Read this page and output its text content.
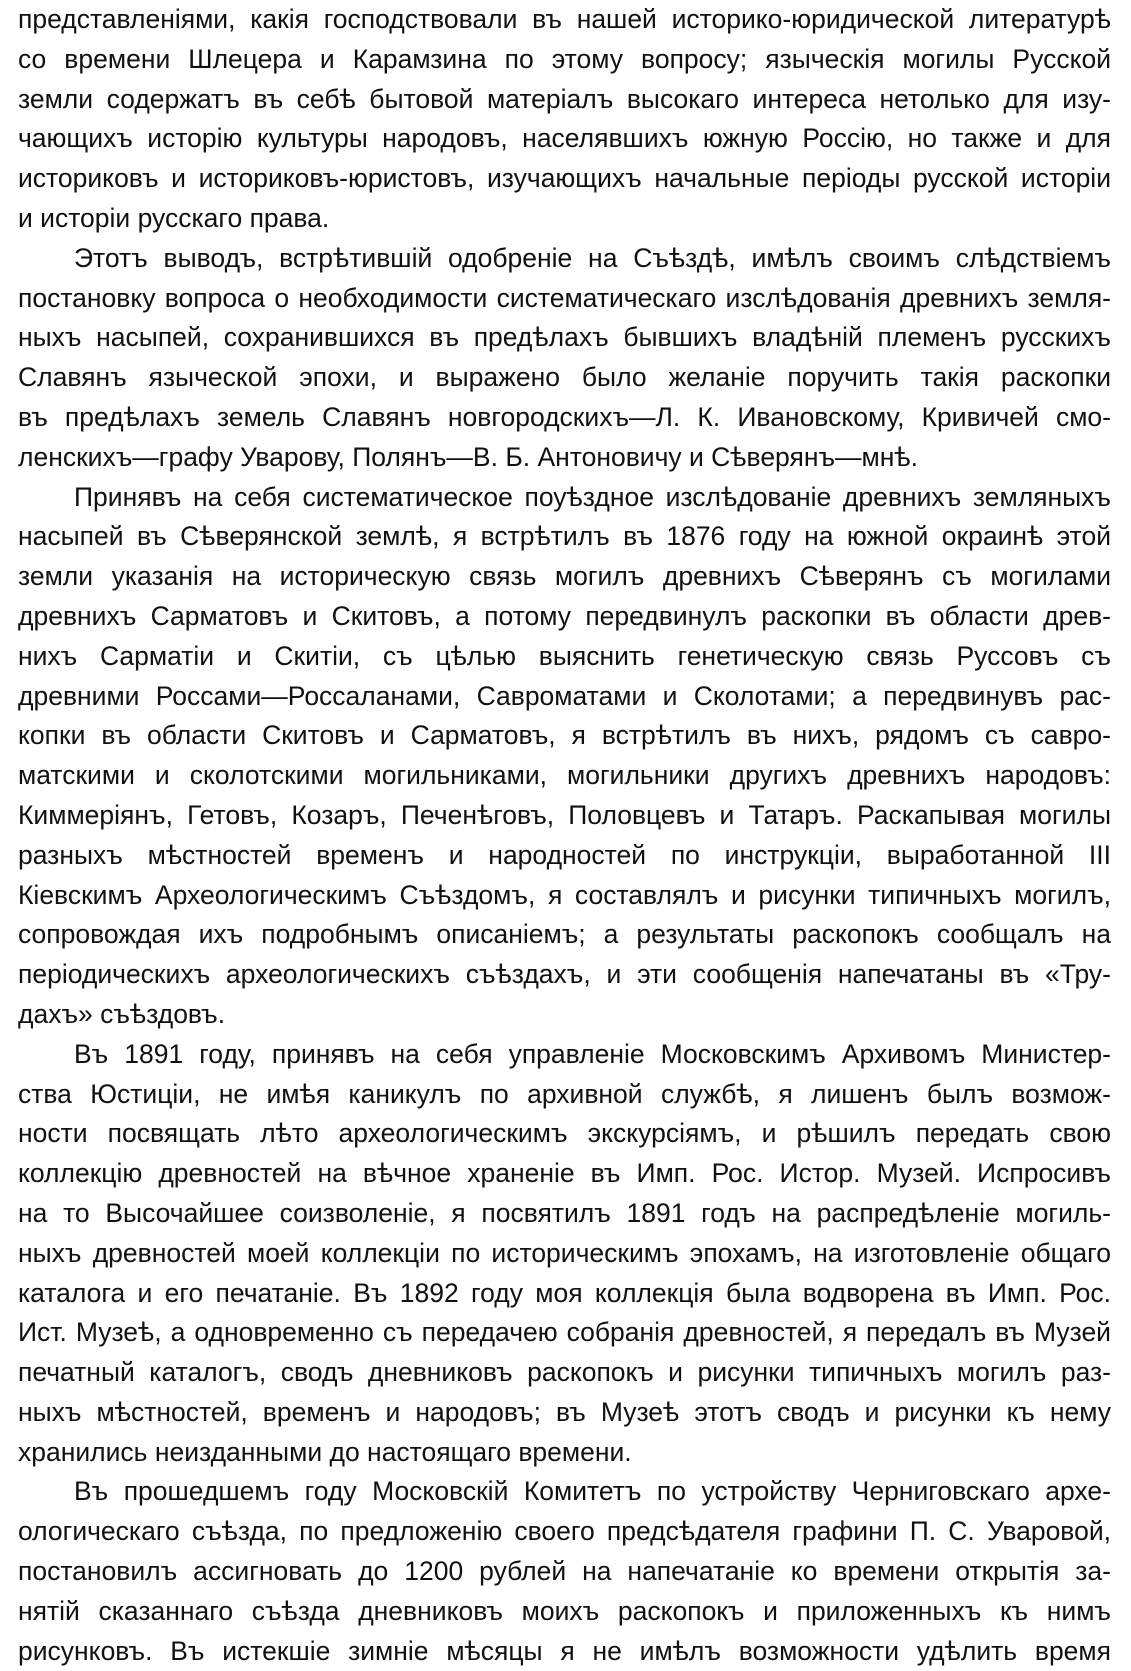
представленіями, какія господствовали въ нашей историко-юридической литературѣ
со времени Шлецера и Карамзина по этому вопросу; языческія могилы Русской
земли содержатъ въ себѣ бытовой матеріалъ высокаго интереса нетолько для изу-
чающихъ исторію культуры народовъ, населявшихъ южную Россію, но также и для
историковъ и историковъ-юристовъ, изучающихъ начальные періоды русской исторіи
и исторіи русскаго права.
Этотъ выводъ, встрѣтившій одобреніе на Съѣздѣ, имѣлъ своимъ слѣдствіемъ
постановку вопроса о необходимости систематическаго изслѣдованія древнихъ земля-
ныхъ насыпей, сохранившихся въ предѣлахъ бывшихъ владѣній племенъ русскихъ
Славянъ языческой эпохи, и выражено было желаніе поручить такія раскопки
въ предѣлахъ земель Славянъ новгородскихъ—Л. К. Ивановскому, Кривичей смо-
ленскихъ—графу Уварову, Полянъ—В. Б. Антоновичу и Сѣверянъ—мнѣ.
Принявъ на себя систематическое поуѣздное изслѣдованіе древнихъ земляныхъ
насыпей въ Сѣверянской землѣ, я встрѣтилъ въ 1876 году на южной окраинѣ этой
земли указанія на историческую связь могилъ древнихъ Сѣверянъ съ могилами
древнихъ Сарматовъ и Скитовъ, а потому передвинулъ раскопки въ области древ-
нихъ Сарматіи и Скитіи, съ цѣлью выяснить генетическую связь Руссовъ съ
древними Россами—Россаланами, Савроматами и Сколотами; а передвинувъ рас-
копки въ области Скитовъ и Сарматовъ, я встрѣтилъ въ нихъ, рядомъ съ савро-
матскими и сколотскими могильниками, могильники другихъ древнихъ народовъ:
Киммеріянъ, Гетовъ, Козаръ, Печенѣговъ, Половцевъ и Татаръ. Раскапывая могилы
разныхъ мѣстностей временъ и народностей по инструкціи, выработанной III
Кіевскимъ Археологическимъ Съѣздомъ, я составлялъ и рисунки типичныхъ могилъ,
сопровождая ихъ подробнымъ описаніемъ; а результаты раскопокъ сообщалъ на
періодическихъ археологическихъ съѣздахъ, и эти сообщенія напечатаны въ «Тру-
дахъ» съѣздовъ.
Въ 1891 году, принявъ на себя управленіе Московскимъ Архивомъ Министер-
ства Юстиціи, не имѣя каникулъ по архивной службѣ, я лишенъ былъ возмож-
ности посвящать лѣто археологическимъ экскурсіямъ, и рѣшилъ передать свою
коллекцію древностей на вѣчное храненіе въ Имп. Рос. Истор. Музей. Испросивъ
на то Высочайшее соизволеніе, я посвятилъ 1891 годъ на распредѣленіе могиль-
ныхъ древностей моей коллекціи по историческимъ эпохамъ, на изготовленіе общаго
каталога и его печатаніе. Въ 1892 году моя коллекція была водворена въ Имп. Рос.
Ист. Музеѣ, а одновременно съ передачею собранія древностей, я передалъ въ Музей
печатный каталогъ, сводъ дневниковъ раскопокъ и рисунки типичныхъ могилъ раз-
ныхъ мѣстностей, временъ и народовъ; въ Музеѣ этотъ сводъ и рисунки къ нему
хранились неизданными до настоящаго времени.
Въ прошедшемъ году Московскій Комитетъ по устройству Черниговскаго архе-
ологическаго съѣзда, по предложенію своего предсѣдателя графини П. С. Уваровой,
постановилъ ассигновать до 1200 рублей на напечатаніе ко времени открытія за-
нятій сказаннаго съѣзда дневниковъ моихъ раскопокъ и приложенныхъ къ нимъ
рисунковъ. Въ истекшіе зимніе мѣсяцы я не имѣлъ возможности удѣлить время
